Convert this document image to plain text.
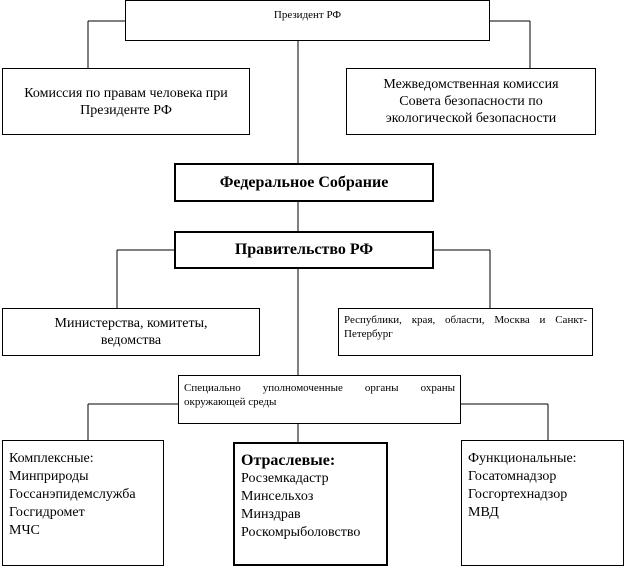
Президент РФ
Комиссия по правам человека при Президенте РФ
Межведомственная комиссия Совета безопасности по экологической безопасности
Федеральное Собрание
Правительство РФ
Министерства, комитеты, ведомства
Республики, края, области, Москва и Санкт-Петербург
Специально уполномоченные органы охраны окружающей среды
Комплексные:
Минприроды
Госсанэпидемслужба
Госгидромет
МЧС
Отраслевые:
Росземкадастр
Минсельхоз
Минздрав
Роскомрыболовство
Функциональные:
Госатомнадзор
Госгортехнадзор
МВД
